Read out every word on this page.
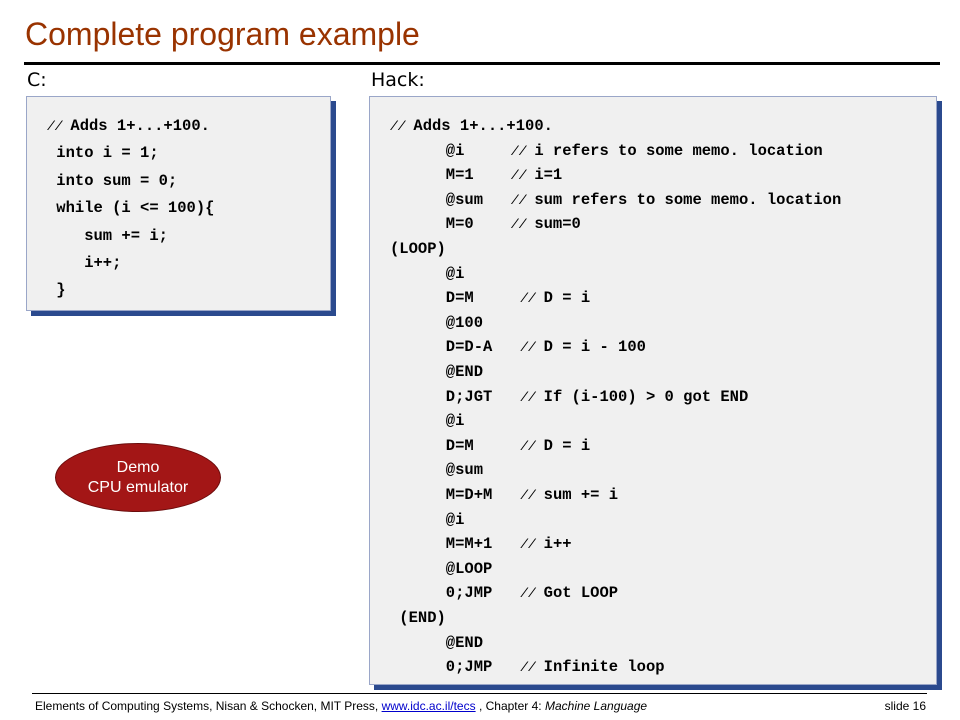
Complete program example
C:	Hack:
// Adds 1+...+100.
into i = 1;
into sum = 0;
while (i <= 100){
sum += i;
i++;
}
// Adds 1+...+100.
@i     // i refers to some memo. location
M=1    // i=1
@sum   // sum refers to some memo. location
M=0    // sum=0
(LOOP)
@i
D=M     // D = i
@100
D=D-A   // D = i - 100
@END
D;JGT   // If (i-100) > 0 got END
@i
D=M     // D = i
@sum
M=D+M   // sum += i
@i
M=M+1   // i++
@LOOP
0;JMP   // Got LOOP
(END)
@END
0;JMP   // Infinite loop
Demo
CPU emulator
Elements of Computing Systems, Nisan & Schocken, MIT Press, www.idc.ac.il/tecs , Chapter 4: Machine Language	slide 16
